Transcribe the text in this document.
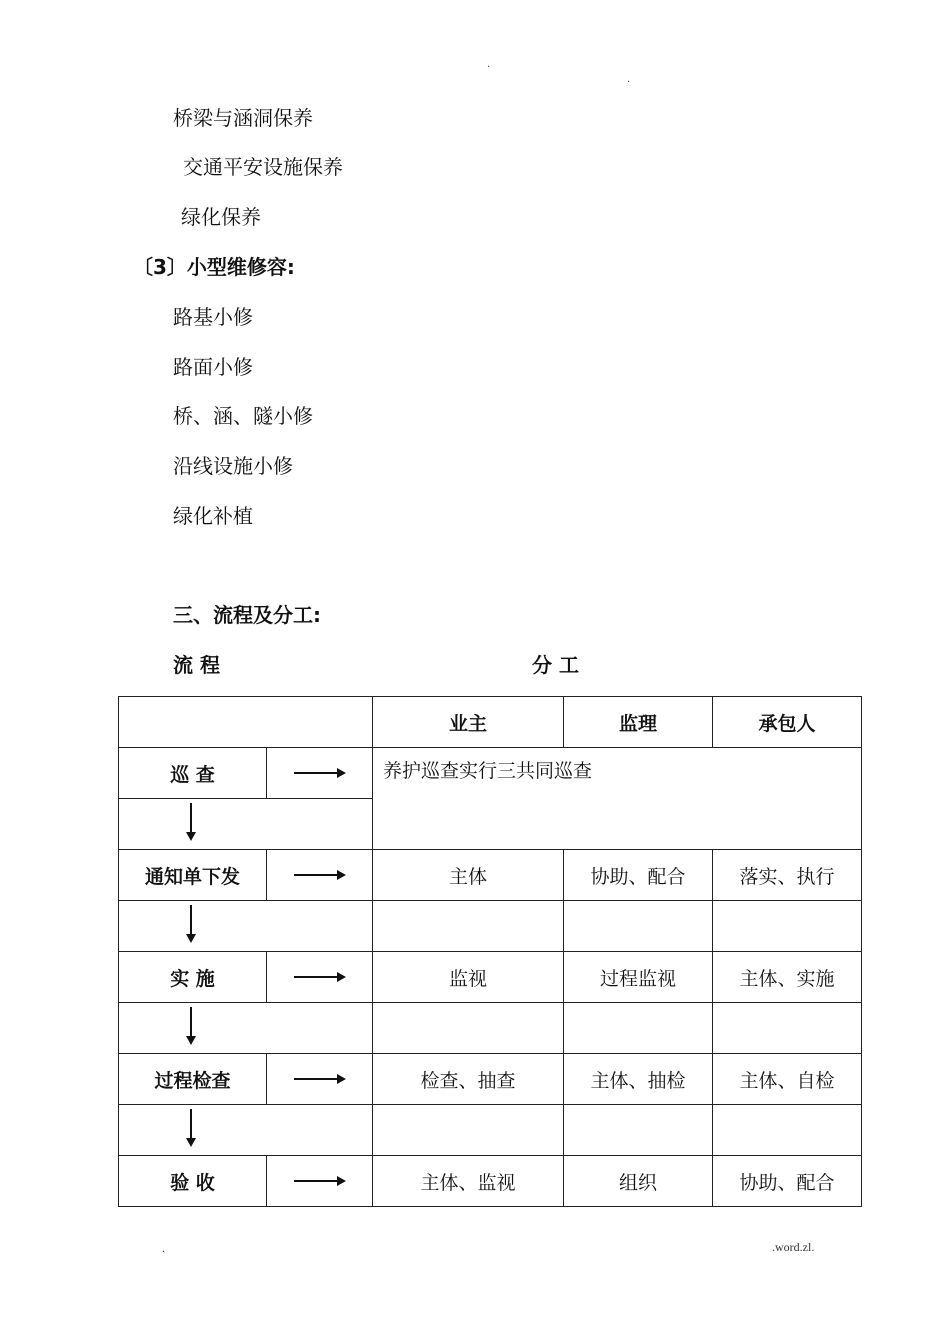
.
.
桥梁与涵洞保养
交通平安设施保养
绿化保养
〔3〕小型维修容:
路基小修
路面小修
桥、涵、隧小修
沿线设施小修
绿化补植
三、流程及分工:
流 程	分 工
		业主	监理	承包人
巡 查		养护巡查实行三共同巡查		

通知单下发		主体	协助、配合	落实、执行

实 施		监视	过程监视	主体、实施

过程检查		检查、抽查	主体、抽检	主体、自检

验 收		主体、监视	组织	协助、配合
.	.word.zl.
